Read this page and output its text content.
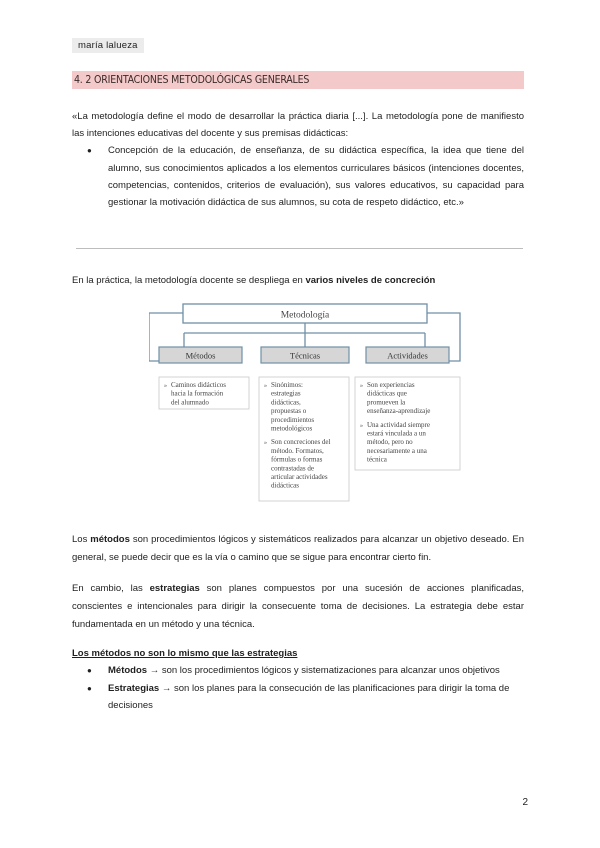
maría lalueza
4. 2 ORIENTACIONES METODOLÓGICAS GENERALES

«La metodología define el modo de desarrollar la práctica diaria [...]. La metodología pone de manifiesto las intenciones educativas del docente y sus premisas didácticas:

● Concepción de la educación, de enseñanza, de su didáctica específica, la idea que tiene del alumno, sus conocimientos aplicados a los elementos curriculares básicos (intenciones docentes, competencias, contenidos, criterios de evaluación), sus valores educativos, su capacidad para gestionar la motivación didáctica de sus alumnos, su cota de respeto didáctico, etc.»
En la práctica, la metodología docente se despliega en varios niveles de concreción
Metodología
Métodos	Técnicas	Actividades
» Caminos didácticos
hacia la formación
del alumnado
» Sinónimos:
estrategias
didácticas,
propuestas o
procedimientos
metodológicos
» Son concreciones del
método. Formatos,
fórmulas o formas
contrastadas de
articular actividades
didácticas
» Son experiencias
didácticas que
promueven la
enseñanza-aprendizaje
» Una actividad siempre
estará vinculada a un
método, pero no
necesariamente a una
técnica
Los métodos son procedimientos lógicos y sistemáticos realizados para alcanzar un objetivo deseado. En general, se puede decir que es la vía o camino que se sigue para encontrar cierto fin.
En cambio, las estrategias son planes compuestos por una sucesión de acciones planificadas, conscientes e intencionales para dirigir la consecuente toma de decisiones. La estrategia debe estar fundamentada en un método y una técnica.
Los métodos no son lo mismo que las estrategias
● Métodos → son los procedimientos lógicos y sistematizaciones para alcanzar unos objetivos
● Estrategias → son los planes para la consecución de las planificaciones para dirigir la toma de decisiones
2
